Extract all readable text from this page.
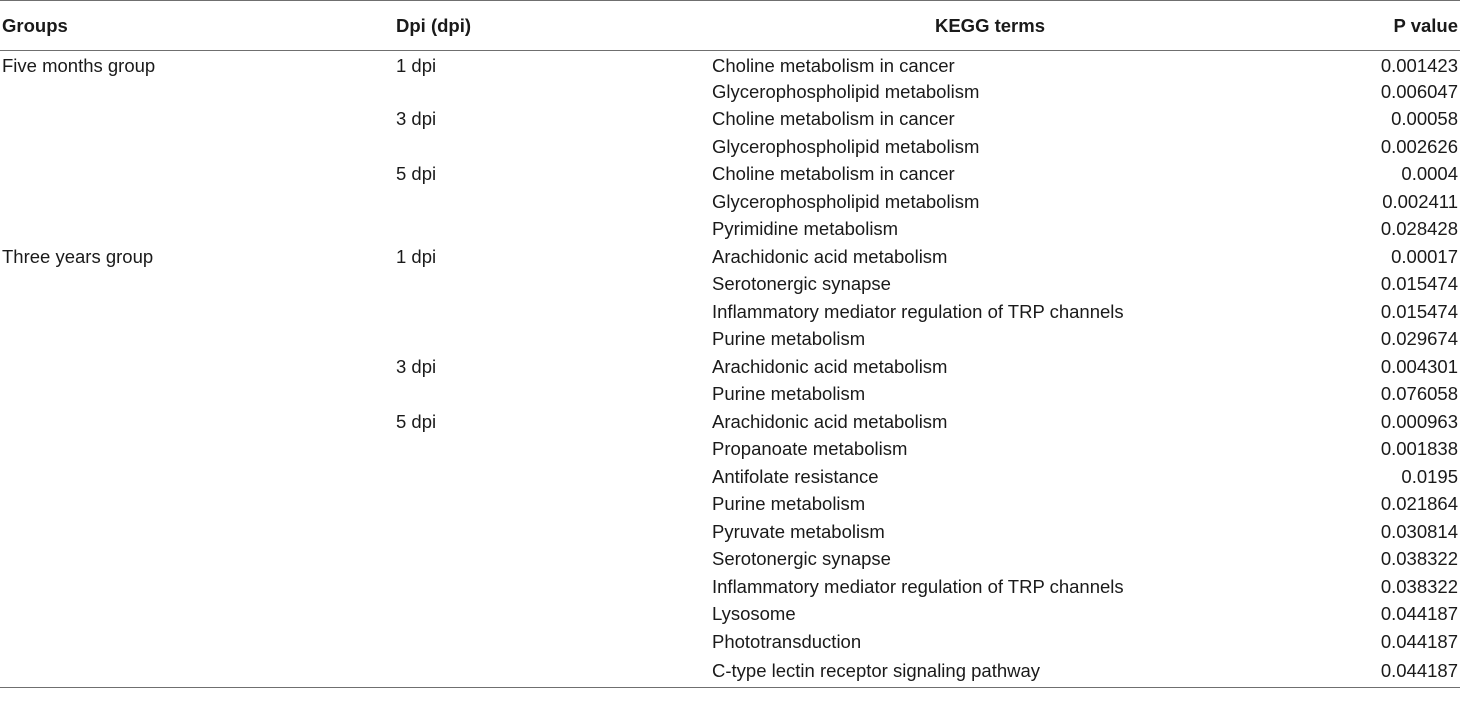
Groups	Dpi (dpi)	KEGG terms	P value
Five months group	1 dpi	Choline metabolism in cancer	0.001423
		Glycerophospholipid metabolism	0.006047
	3 dpi	Choline metabolism in cancer	0.00058
		Glycerophospholipid metabolism	0.002626
	5 dpi	Choline metabolism in cancer	0.0004
		Glycerophospholipid metabolism	0.002411
		Pyrimidine metabolism	0.028428
Three years group	1 dpi	Arachidonic acid metabolism	0.00017
		Serotonergic synapse	0.015474
		Inflammatory mediator regulation of TRP channels	0.015474
		Purine metabolism	0.029674
	3 dpi	Arachidonic acid metabolism	0.004301
		Purine metabolism	0.076058
	5 dpi	Arachidonic acid metabolism	0.000963
		Propanoate metabolism	0.001838
		Antifolate resistance	0.0195
		Purine metabolism	0.021864
		Pyruvate metabolism	0.030814
		Serotonergic synapse	0.038322
		Inflammatory mediator regulation of TRP channels	0.038322
		Lysosome	0.044187
		Phototransduction	0.044187
		C-type lectin receptor signaling pathway	0.044187
